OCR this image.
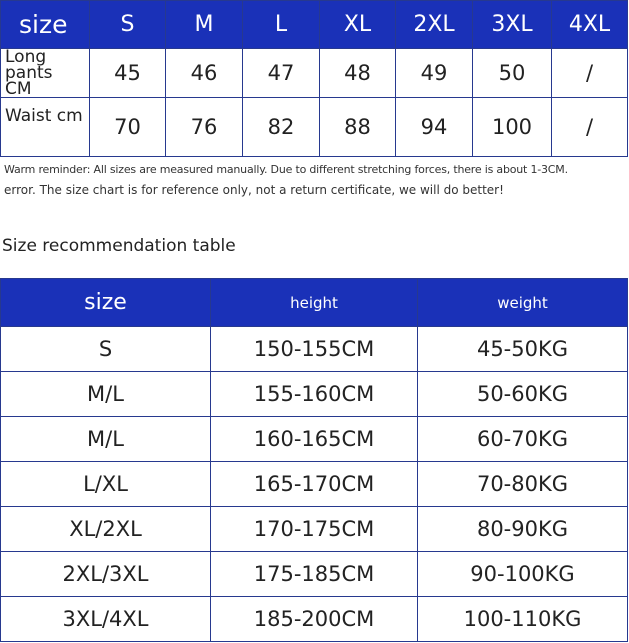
size	S	M	L	XL	2XL	3XL	4XL
Long pants
CM	45	46	47	48	49	50	/
Waist cm	70	76	82	88	94	100	/
Warm reminder: All sizes are measured manually. Due to different stretching forces, there is about 1-3CM.
error. The size chart is for reference only, not a return certificate, we will do better!
Size recommendation table
size	height	weight
S	150-155CM	45-50KG
M/L	155-160CM	50-60KG
M/L	160-165CM	60-70KG
L/XL	165-170CM	70-80KG
XL/2XL	170-175CM	80-90KG
2XL/3XL	175-185CM	90-100KG
3XL/4XL	185-200CM	100-110KG
